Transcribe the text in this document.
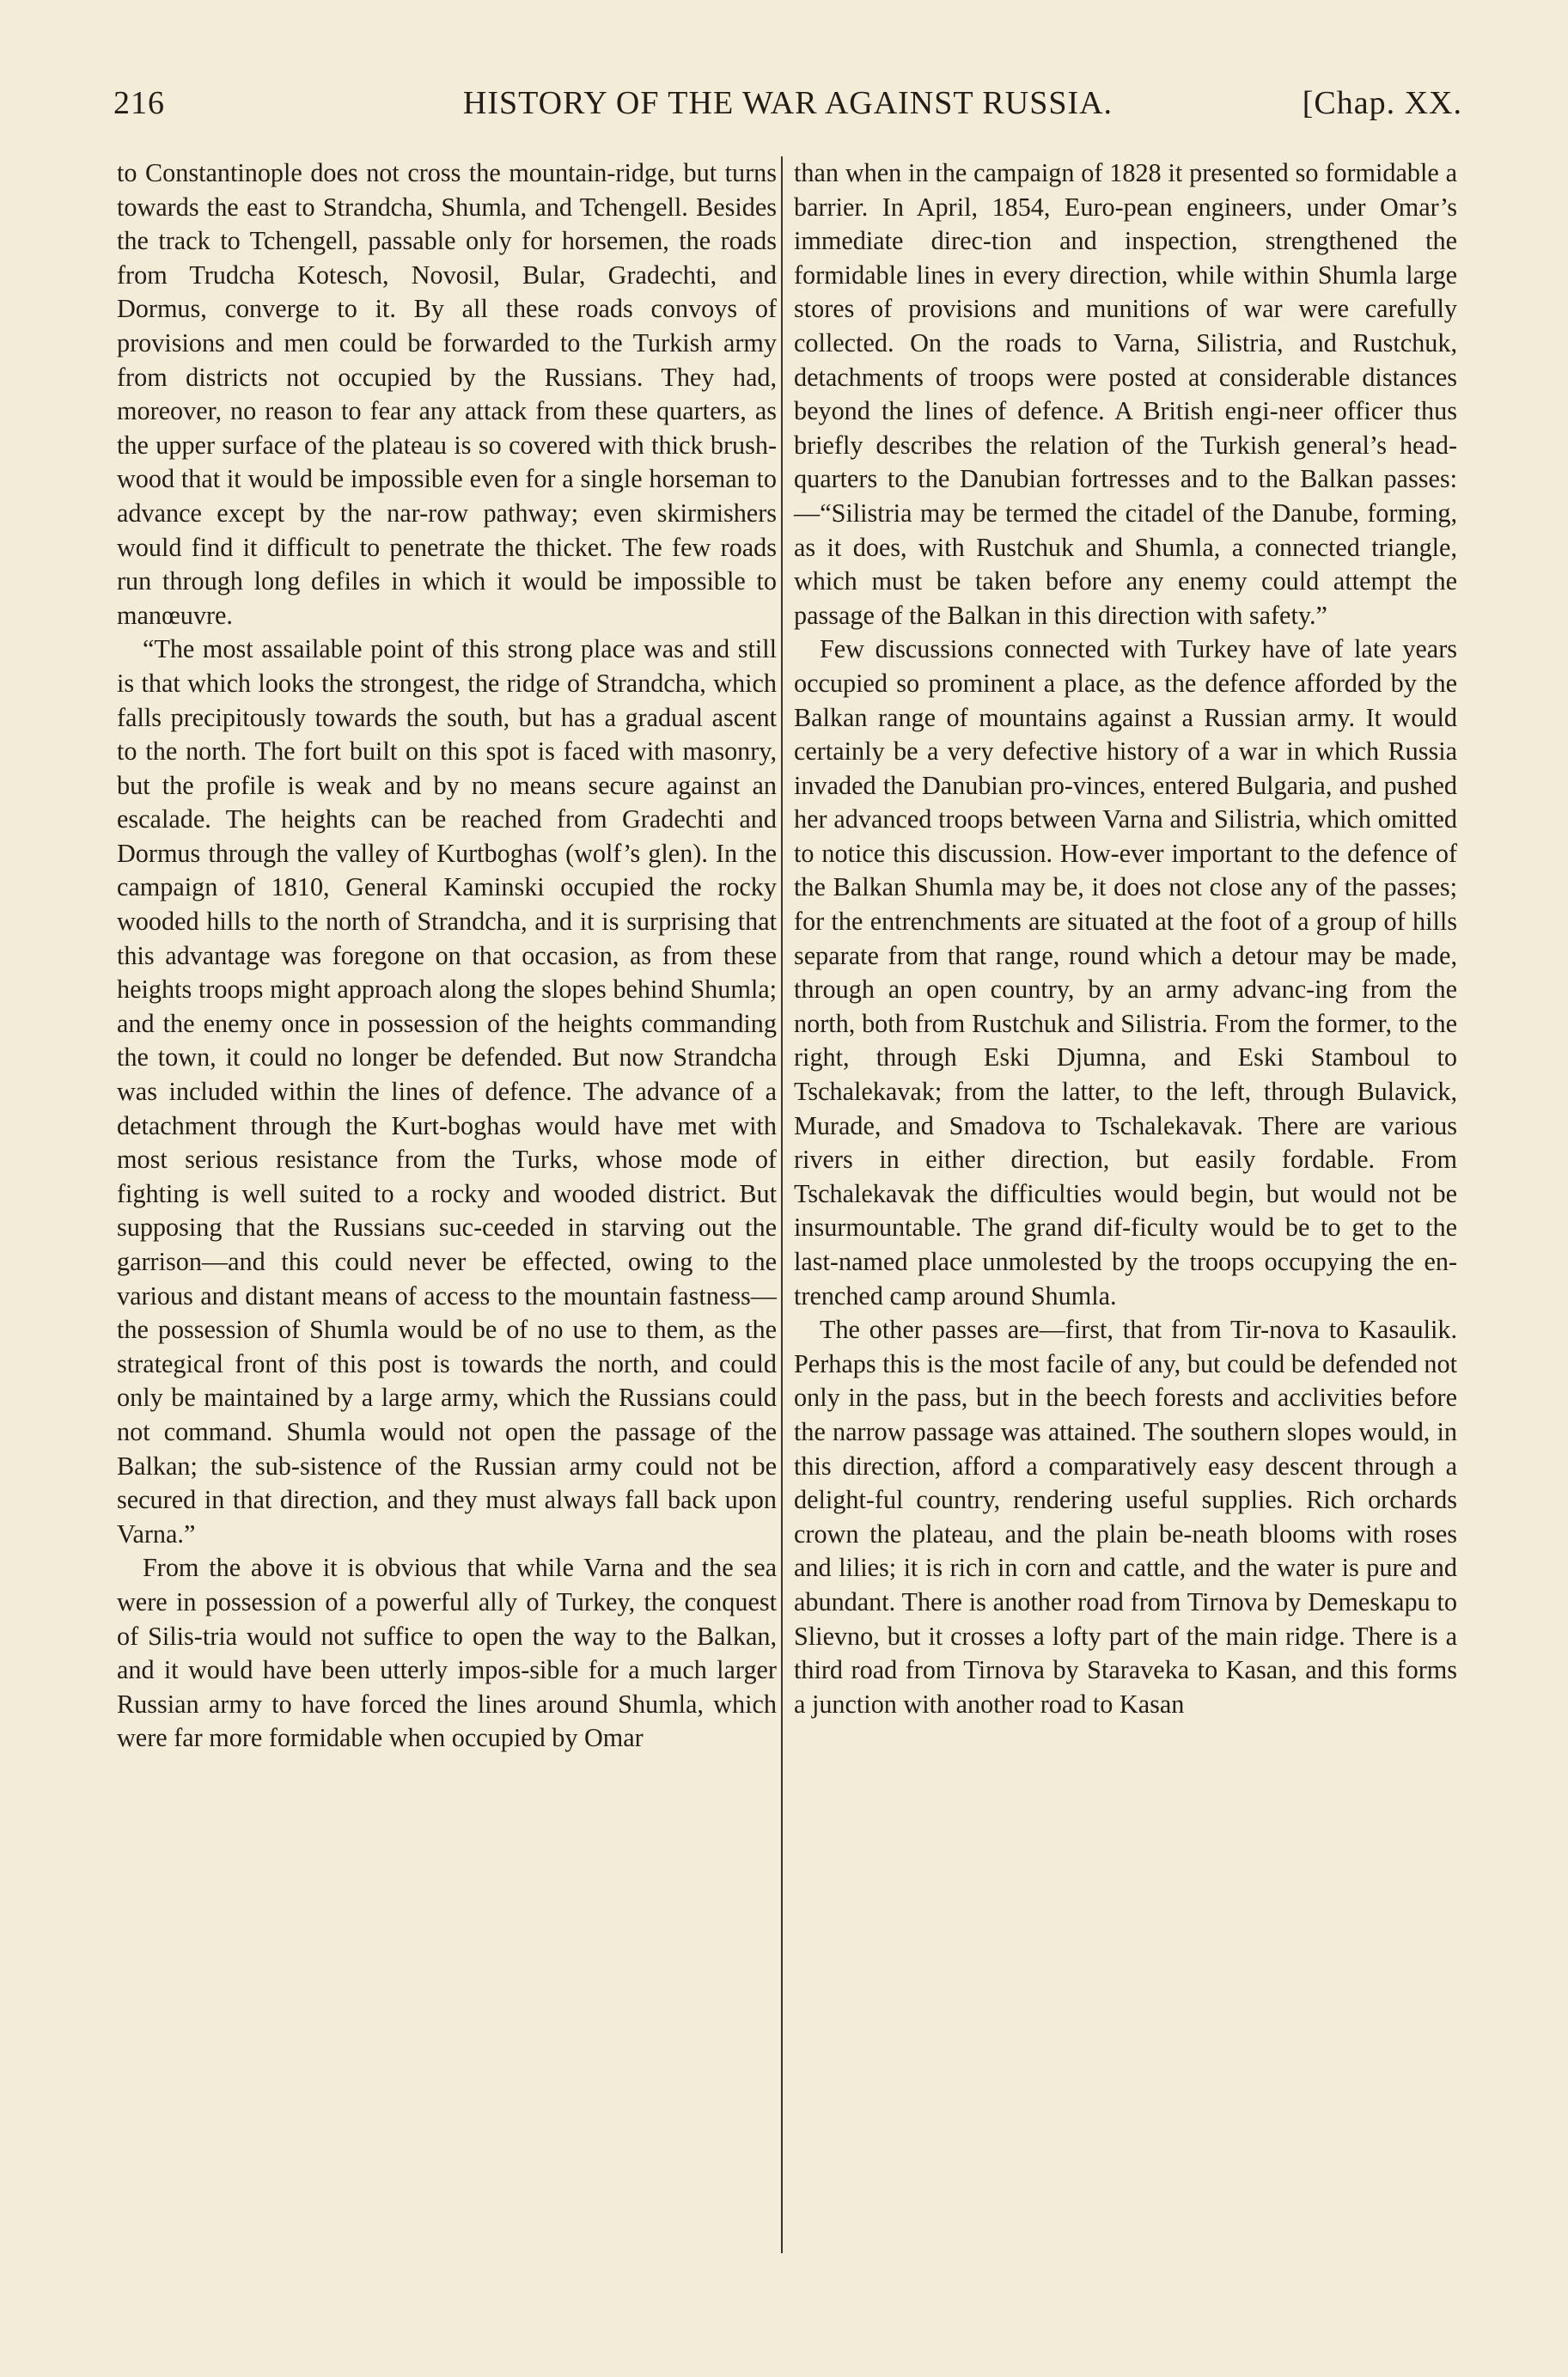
216	HISTORY OF THE WAR AGAINST RUSSIA.	[Chap. XX.

to Constantinople does not cross the mountain-ridge, but turns towards the east to Strandcha, Shumla, and Tchengell. Besides the track to Tchengell, passable only for horsemen, the roads from Trudcha Kotesch, Novosil, Bular, Gradechti, and Dormus, converge to it. By all these roads convoys of provisions and men could be forwarded to the Turkish army from districts not occupied by the Russians. They had, moreover, no reason to fear any attack from these quarters, as the upper surface of the plateau is so covered with thick brush-wood that it would be impossible even for a single horseman to advance except by the nar-row pathway; even skirmishers would find it difficult to penetrate the thicket. The few roads run through long defiles in which it would be impossible to manœuvre.

“The most assailable point of this strong place was and still is that which looks the strongest, the ridge of Strandcha, which falls precipitously towards the south, but has a gradual ascent to the north. The fort built on this spot is faced with masonry, but the profile is weak and by no means secure against an escalade. The heights can be reached from Gradechti and Dormus through the valley of Kurtboghas (wolf’s glen). In the campaign of 1810, General Kaminski occupied the rocky wooded hills to the north of Strandcha, and it is surprising that this advantage was foregone on that occasion, as from these heights troops might approach along the slopes behind Shumla; and the enemy once in possession of the heights commanding the town, it could no longer be defended. But now Strandcha was included within the lines of defence. The advance of a detachment through the Kurt-boghas would have met with most serious resistance from the Turks, whose mode of fighting is well suited to a rocky and wooded district. But supposing that the Russians suc-ceeded in starving out the garrison—and this could never be effected, owing to the various and distant means of access to the mountain fastness—the possession of Shumla would be of no use to them, as the strategical front of this post is towards the north, and could only be maintained by a large army, which the Russians could not command. Shumla would not open the passage of the Balkan; the sub-sistence of the Russian army could not be secured in that direction, and they must always fall back upon Varna.”

From the above it is obvious that while Varna and the sea were in possession of a powerful ally of Turkey, the conquest of Silis-tria would not suffice to open the way to the Balkan, and it would have been utterly impos-sible for a much larger Russian army to have forced the lines around Shumla, which were far more formidable when occupied by Omar

than when in the campaign of 1828 it presented so formidable a barrier. In April, 1854, Euro-pean engineers, under Omar’s immediate direc-tion and inspection, strengthened the formidable lines in every direction, while within Shumla large stores of provisions and munitions of war were carefully collected. On the roads to Varna, Silistria, and Rustchuk, detachments of troops were posted at considerable distances beyond the lines of defence. A British engi-neer officer thus briefly describes the relation of the Turkish general’s head-quarters to the Danubian fortresses and to the Balkan passes:—“Silistria may be termed the citadel of the Danube, forming, as it does, with Rustchuk and Shumla, a connected triangle, which must be taken before any enemy could attempt the passage of the Balkan in this direction with safety.”

Few discussions connected with Turkey have of late years occupied so prominent a place, as the defence afforded by the Balkan range of mountains against a Russian army. It would certainly be a very defective history of a war in which Russia invaded the Danubian pro-vinces, entered Bulgaria, and pushed her advanced troops between Varna and Silistria, which omitted to notice this discussion. How-ever important to the defence of the Balkan Shumla may be, it does not close any of the passes; for the entrenchments are situated at the foot of a group of hills separate from that range, round which a detour may be made, through an open country, by an army advanc-ing from the north, both from Rustchuk and Silistria. From the former, to the right, through Eski Djumna, and Eski Stamboul to Tschalekavak; from the latter, to the left, through Bulavick, Murade, and Smadova to Tschalekavak. There are various rivers in either direction, but easily fordable. From Tschalekavak the difficulties would begin, but would not be insurmountable. The grand dif-ficulty would be to get to the last-named place unmolested by the troops occupying the en-trenched camp around Shumla.

The other passes are—first, that from Tir-nova to Kasaulik. Perhaps this is the most facile of any, but could be defended not only in the pass, but in the beech forests and acclivities before the narrow passage was attained. The southern slopes would, in this direction, afford a comparatively easy descent through a delight-ful country, rendering useful supplies. Rich orchards crown the plateau, and the plain be-neath blooms with roses and lilies; it is rich in corn and cattle, and the water is pure and abundant. There is another road from Tirnova by Demeskapu to Slievno, but it crosses a lofty part of the main ridge. There is a third road from Tirnova by Staraveka to Kasan, and this forms a junction with another road to Kasan
